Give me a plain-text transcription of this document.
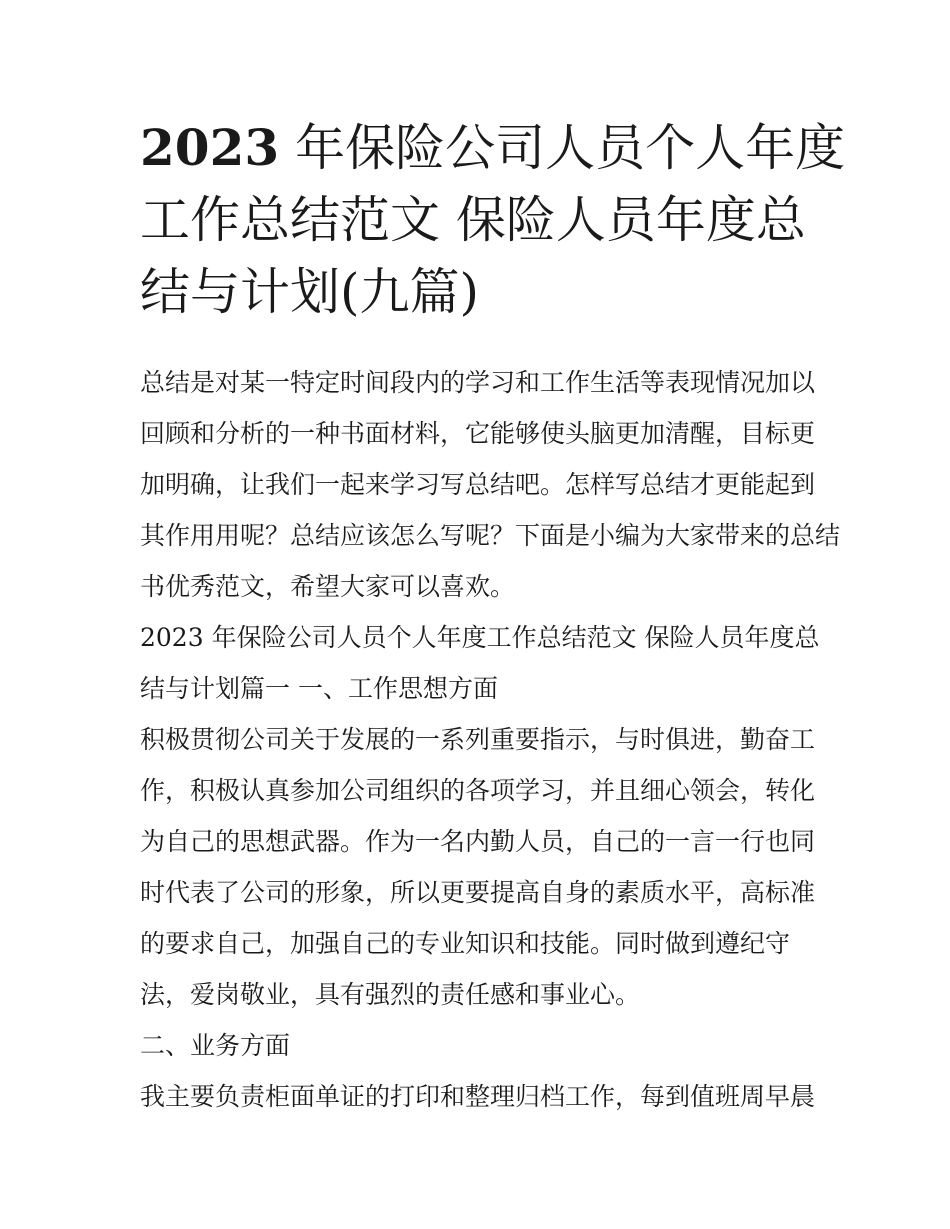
2023 年保险公司人员个人年度
工作总结范文 保险人员年度总
结与计划(九篇)
总结是对某一特定时间段内的学习和工作生活等表现情况加以
回顾和分析的一种书面材料，它能够使头脑更加清醒，目标更
加明确，让我们一起来学习写总结吧。怎样写总结才更能起到
其作用用呢？总结应该怎么写呢？下面是小编为大家带来的总结
书优秀范文，希望大家可以喜欢。
2023 年保险公司人员个人年度工作总结范文 保险人员年度总
结与计划篇一 一、工作思想方面
积极贯彻公司关于发展的一系列重要指示，与时俱进，勤奋工
作，积极认真参加公司组织的各项学习，并且细心领会，转化
为自己的思想武器。作为一名内勤人员，自己的一言一行也同
时代表了公司的形象，所以更要提高自身的素质水平，高标准
的要求自己，加强自己的专业知识和技能。同时做到遵纪守
法，爱岗敬业，具有强烈的责任感和事业心。
二、业务方面
我主要负责柜面单证的打印和整理归档工作，每到值班周早晨
